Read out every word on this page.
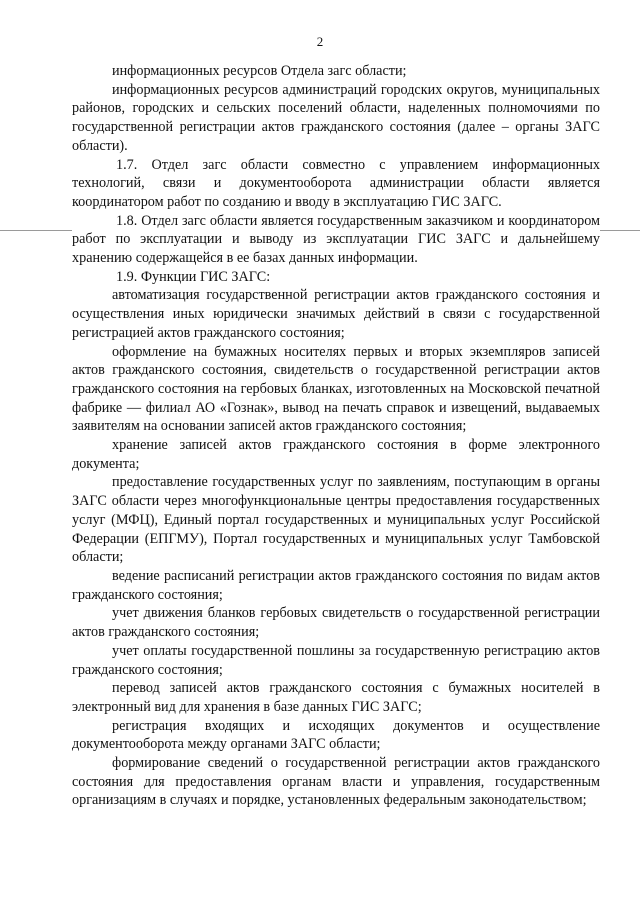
2

информационных ресурсов Отдела загс области;

информационных ресурсов администраций городских округов, муниципальных районов, городских и сельских поселений области, наделенных полномочиями по государственной регистрации актов гражданского состояния (далее – органы ЗАГС области).

1.7. Отдел загс области совместно с управлением информационных технологий, связи и документооборота администрации области является координатором работ по созданию и вводу в эксплуатацию ГИС ЗАГС.

1.8. Отдел загс области является государственным заказчиком и координатором работ по эксплуатации и выводу из эксплуатации ГИС ЗАГС и дальнейшему хранению содержащейся в ее базах данных информации.

1.9. Функции ГИС ЗАГС:

автоматизация государственной регистрации актов гражданского состояния и осуществления иных юридически значимых действий в связи с государственной регистрацией актов гражданского состояния;

оформление на бумажных носителях первых и вторых экземпляров записей актов гражданского состояния, свидетельств о государственной регистрации актов гражданского состояния на гербовых бланках, изготовленных на Московской печатной фабрике — филиал АО «Гознак», вывод на печать справок и извещений, выдаваемых заявителям на основании записей актов гражданского состояния;

хранение записей актов гражданского состояния в форме электронного документа;

предоставление государственных услуг по заявлениям, поступающим в органы ЗАГС области через многофункциональные центры предоставления государственных услуг (МФЦ), Единый портал государственных и муниципальных услуг Российской Федерации (ЕПГМУ), Портал государственных и муниципальных услуг Тамбовской области;

ведение расписаний регистрации актов гражданского состояния по видам актов гражданского состояния;

учет движения бланков гербовых свидетельств о государственной регистрации актов гражданского состояния;

учет оплаты государственной пошлины за государственную регистрацию актов гражданского состояния;

перевод записей актов гражданского состояния с бумажных носителей в электронный вид для хранения в базе данных ГИС ЗАГС;

регистрация входящих и исходящих документов и осуществление документооборота между органами ЗАГС области;

формирование сведений о государственной регистрации актов гражданского состояния для предоставления органам власти и управления, государственным организациям в случаях и порядке, установленных федеральным законодательством;
